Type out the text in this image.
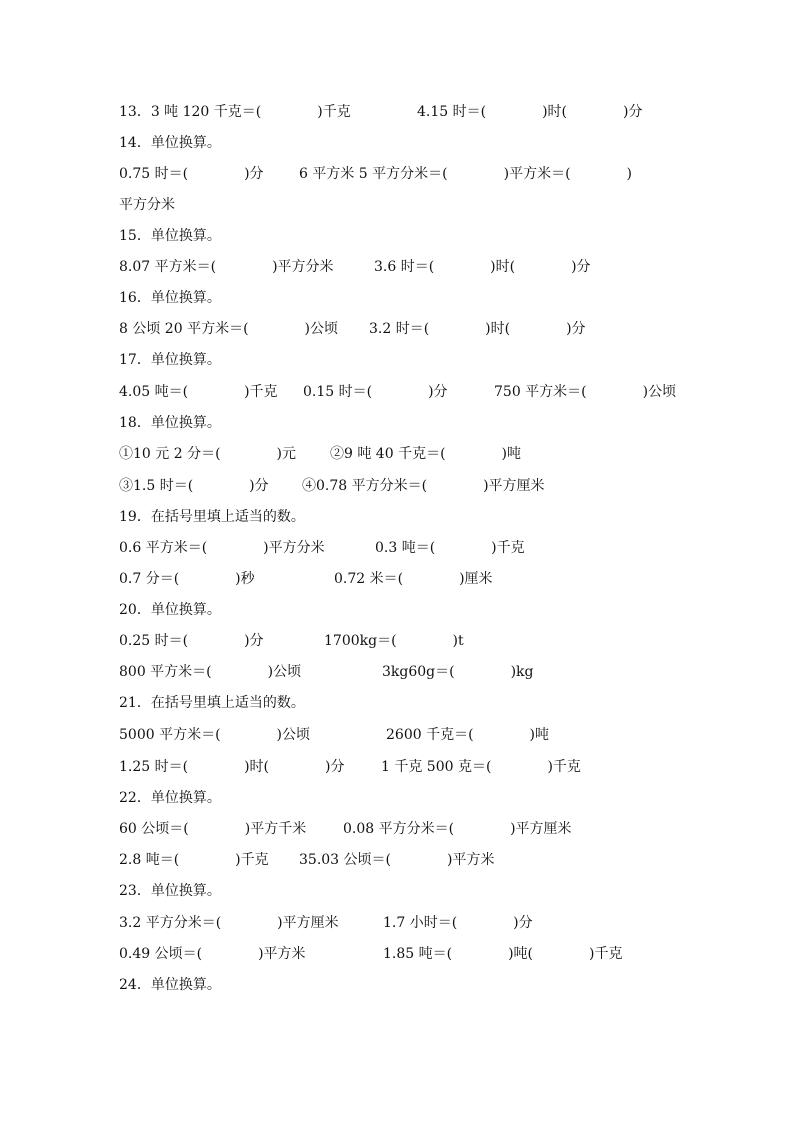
13．3 吨 120 千克＝(　　　　)千克

	4.15 时＝(　　　　)时(　　　　)分

14．单位换算。

0.75 时＝(　　　　)分

	6 平方米 5 平方分米＝(　　　　)平方米＝(　　　　)

平方分米

15．单位换算。

8.07 平方米＝(　　　　)平方分米

	3.6 时＝(　　　　)时(　　　　)分

16．单位换算。

8 公顷 20 平方米＝(　　　　)公顷

3.2 时＝(　　　　)时(　　　　)分

17．单位换算。

4.05 吨＝(　　　　)千克

0.15 时＝(　　　　)分

	750 平方米＝(　　　　)公顷

18．单位换算。

①10 元 2 分＝(　　　　)元

②9 吨 40 千克＝(　　　　)吨

③1.5 时＝(　　　　)分

④0.78 平方分米＝(　　　　)平方厘米

19．在括号里填上适当的数。

0.6 平方米＝(　　　　)平方分米

	0.3 吨＝(　　　　)千克

0.7 分＝(　　　　)秒

	0.72 米＝(　　　　)厘米

20．单位换算。

0.25 时＝(　　　　)分

	1700kg＝(　　　　)t

800 平方米＝(　　　　)公顷

	3kg60g＝(　　　　)kg

21．在括号里填上适当的数。

5000 平方米＝(　　　　)公顷

	2600 千克＝(　　　　)吨

1.25 时＝(　　　　)时(　　　　)分

	1 千克 500 克＝(　　　　)千克

22．单位换算。

60 公顷＝(　　　　)平方千米

	0.08 平方分米＝(　　　　)平方厘米

2.8 吨＝(　　　　)千克

35.03 公顷＝(　　　　)平方米

23．单位换算。

3.2 平方分米＝(　　　　)平方厘米

	1.7 小时＝(　　　　)分

0.49 公顷＝(　　　　)平方米

	1.85 吨＝(　　　　)吨(　　　　)千克

24．单位换算。
